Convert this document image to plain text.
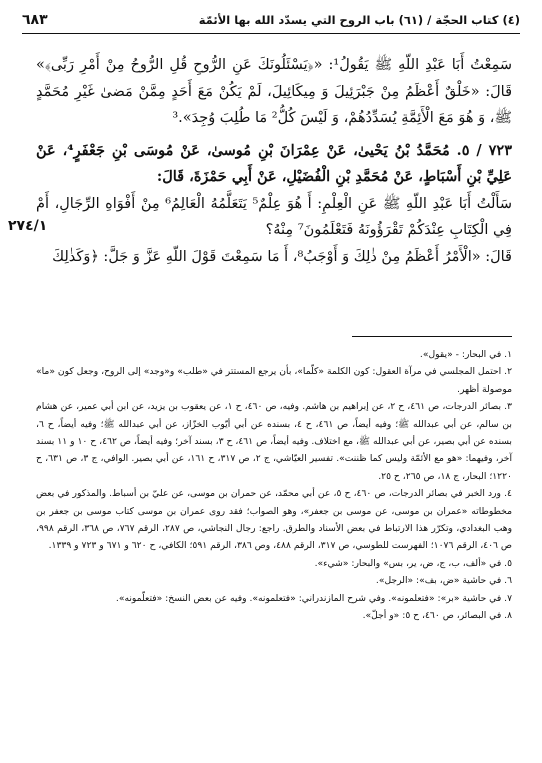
(٤) كتاب الحجّة / (٦١) باب الروح التي يسدّد الله بها الأئمّة
٦٨٣

سَمِعْتُ أَبَا عَبْدِ اللّهِ ﷺ يَقُولُ¹: «﴿يَسْئَلُونَكَ عَنِ الرُّوحِ قُلِ الرُّوحُ مِنْ أَمْرِ رَبِّى﴾» قَالَ: «خَلْقٌ أَعْظَمُ مِنْ جَبْرَئِيلَ وَ مِيكَائِيلَ، لَمْ يَكُنْ مَعَ أَحَدٍ مِمَّنْ مَضىٰ غَيْرِ مُحَمَّدٍ ﷺ، وَ هُوَ مَعَ الْأَئِمَّةِ يُسَدِّدُهُمْ، وَ لَيْسَ كُلُّ² مَا طُلِبَ وُجِدَ».³

٧٢٣ / ٥. مُحَمَّدُ بْنُ يَحْيىٰ، عَنْ عِمْرَانَ بْنِ مُوسىٰ، عَنْ مُوسَى بْنِ جَعْفَرٍ⁴، عَنْ عَلِيِّ بْنِ أَسْبَاطٍ، عَنْ مُحَمَّدِ بْنِ الْفُضَيْلِ، عَنْ أَبِي حَمْزَةَ، قَالَ:

سَأَلْتُ أَبَا عَبْدِ اللّهِ ﷺ عَنِ الْعِلْمِ: أَ هُوَ عِلْمٌ⁵ يَتَعَلَّمُهُ الْعَالِمُ⁶ مِنْ أَفْوَاهِ الرِّجَالِ، أَمْ فِي الْكِتَابِ عِنْدَكُمْ تَقْرَؤُونَهُ فَتَعْلَمُونَ⁷ مِنْهُ؟

قَالَ: «الْأَمْرُ أَعْظَمُ مِنْ ذٰلِكَ وَ أَوْجَبُ⁸، أَ مَا سَمِعْتَ قَوْلَ اللّهِ عَزَّ وَ جَلَّ: ﴿وَكَذٰلِكَ

٢٧٤/١

١. في البحار: - «يقول».

٢. احتمل المجلسي في مرآة العقول: كون الكلمة «كلّما»، بأن يرجع المستتر في «طلب» و«وجد» إلى الروح، وجعل كون «ما» موصولة أظهر.

٣. بصائر الدرجات، ص ٤٦١، ح ٢، عن إبراهيم بن هاشم. وفيه، ص ٤٦٠، ح ١، عن يعقوب بن يزيد، عن ابن أبي عمير، عن هشام بن سالم، عن أبي عبدالله ﷺ؛ وفيه أيضاً، ص ٤٦١، ح ٤، بسنده عن أبي أيّوب الخزّاز، عن أبي عبدالله ﷺ؛ وفيه أيضاً، ح ٦، بسنده عن أبي بصير، عن أبي عبدالله ﷺ، مع اختلاف. وفيه أيضاً، ص ٤٦١، ح ٣، بسند آخر؛ وفيه أيضاً، ص ٤٦٢، ح ١٠ و ١١ بسند آخر، وفيهما: «هو مع الأئمّة وليس كما ظننت». تفسير العيّاشي، ج ٢، ص ٣١٧، ح ١٦١، عن أبي بصير. الوافي، ج ٣، ص ٦٣١، ح ١٢٢٠؛ البحار، ج ١٨، ص ٢٦٥، ح ٢٥.

٤. ورد الخبر في بصائر الدرجات، ص ٤٦٠، ح ٥، عن أبي محمّد، عن حمران بن موسى، عن عليّ بن أسباط. والمذكور في بعض مخطوطاته «عمران بن موسى، عن موسى بن جعفر»، وهو الصواب؛ فقد روى عمران بن موسى كتاب موسى بن جعفر بن وهب البغدادي، وتكرّر هذا الارتباط في بعض الأسناد والطرق. راجع: رجال النجاشي، ص ٢٨٧، الرقم ٧٦٧، ص ٣٦٨، الرقم ٩٩٨، ص ٤٠٦، الرقم ١٠٧٦؛ الفهرست للطوسي، ص ٣١٧، الرقم ٤٨٨، وص ٣٨٦، الرقم ٥٩١؛ الكافي، ح ٦٢٠ و ٦٧١ و ٧٢٣ و ١٣٣٩.

٥. في «ألف، ب، ج، ض، ير، بس» والبحار: «شيء».

٦. في حاشية «ض، بف»: «الرجل».

٧. في حاشية «بر»: «فتعلمونه». وفي شرح المازندراني: «فتعلمونه». وفيه عن بعض النسخ: «فتعلّمونه».

٨. في البصائر، ص ٤٦٠، ح ٥: «و أجلّ».
